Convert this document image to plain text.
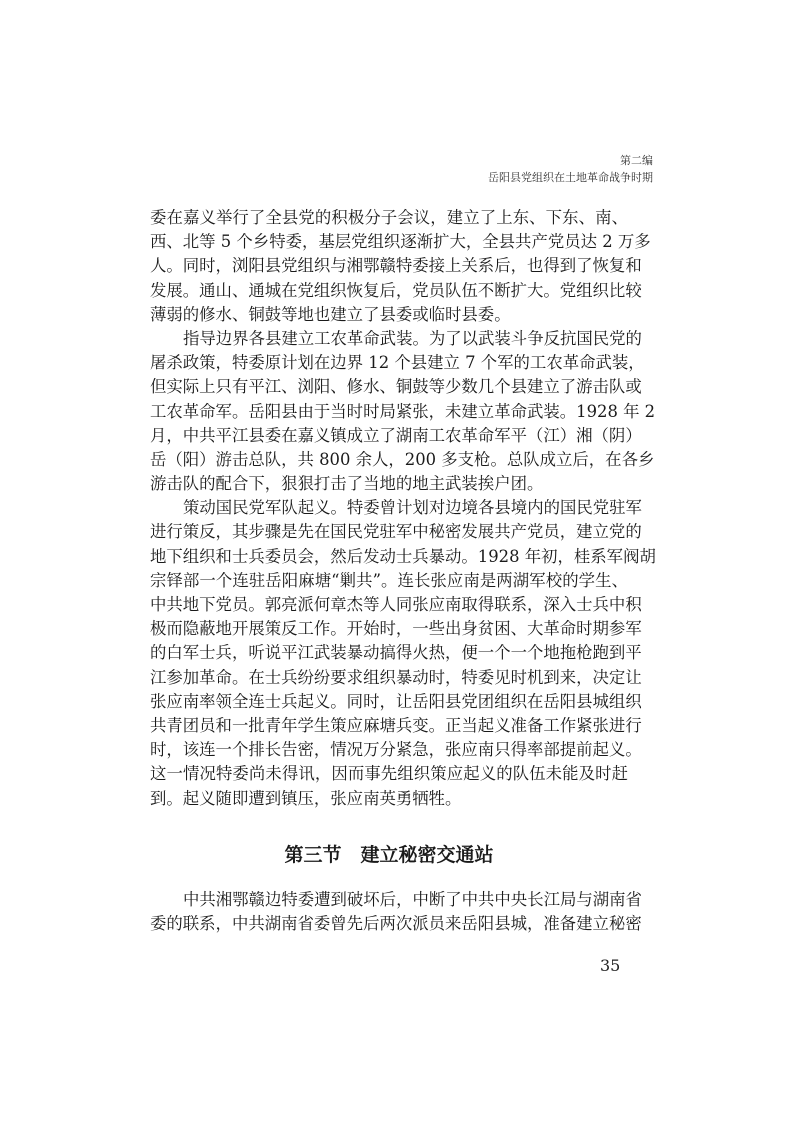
第二编
岳阳县党组织在土地革命战争时期
委在嘉义举行了全县党的积极分子会议，建立了上东、下东、南、
西、北等 5 个乡特委，基层党组织逐渐扩大，全县共产党员达 2 万多
人。同时，浏阳县党组织与湘鄂赣特委接上关系后，也得到了恢复和
发展。通山、通城在党组织恢复后，党员队伍不断扩大。党组织比较
薄弱的修水、铜鼓等地也建立了县委或临时县委。
指导边界各县建立工农革命武装。为了以武装斗争反抗国民党的
屠杀政策，特委原计划在边界 12 个县建立 7 个军的工农革命武装，
但实际上只有平江、浏阳、修水、铜鼓等少数几个县建立了游击队或
工农革命军。岳阳县由于当时时局紧张，未建立革命武装。1928 年 2
月，中共平江县委在嘉义镇成立了湖南工农革命军平（江）湘（阴）
岳（阳）游击总队，共 800 余人，200 多支枪。总队成立后，在各乡
游击队的配合下，狠狠打击了当地的地主武装挨户团。
策动国民党军队起义。特委曾计划对边境各县境内的国民党驻军
进行策反，其步骤是先在国民党驻军中秘密发展共产党员，建立党的
地下组织和士兵委员会，然后发动士兵暴动。1928 年初，桂系军阀胡
宗铎部一个连驻岳阳麻塘“剿共”。连长张应南是两湖军校的学生、
中共地下党员。郭亮派何章杰等人同张应南取得联系，深入士兵中积
极而隐蔽地开展策反工作。开始时，一些出身贫困、大革命时期参军
的白军士兵，听说平江武装暴动搞得火热，便一个一个地拖枪跑到平
江参加革命。在士兵纷纷要求组织暴动时，特委见时机到来，决定让
张应南率领全连士兵起义。同时，让岳阳县党团组织在岳阳县城组织
共青团员和一批青年学生策应麻塘兵变。正当起义准备工作紧张进行
时，该连一个排长告密，情况万分紧急，张应南只得率部提前起义。
这一情况特委尚未得讯，因而事先组织策应起义的队伍未能及时赶
到。起义随即遭到镇压，张应南英勇牺牲。
第三节　建立秘密交通站
中共湘鄂赣边特委遭到破坏后，中断了中共中央长江局与湖南省
委的联系，中共湖南省委曾先后两次派员来岳阳县城，准备建立秘密
35
